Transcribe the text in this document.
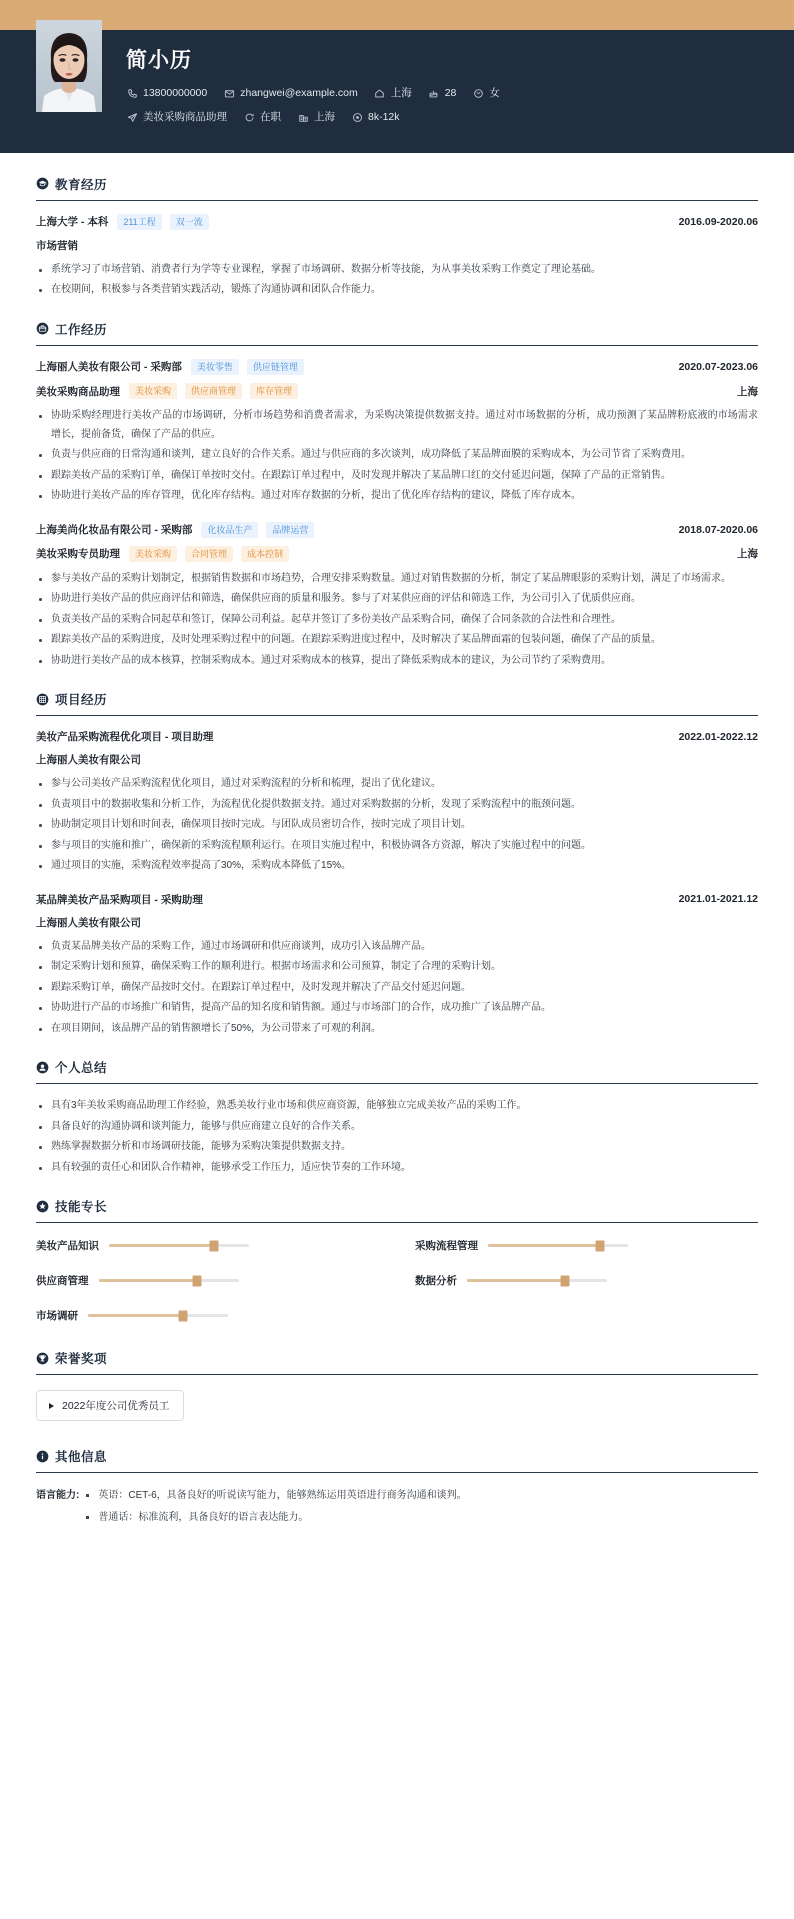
简小历
13800000000	zhangwei@example.com	上海	28	女
美妆采购商品助理	在职	上海	8k-12k
教育经历
上海大学 - 本科	211工程	双一流	2016.09-2020.06
市场营销
系统学习了市场营销、消费者行为学等专业课程，掌握了市场调研、数据分析等技能，为从事美妆采购工作奠定了理论基础。
在校期间，积极参与各类营销实践活动，锻炼了沟通协调和团队合作能力。
工作经历
上海丽人美妆有限公司 - 采购部	美妆零售	供应链管理	2020.07-2023.06
美妆采购商品助理	美妆采购	供应商管理	库存管理	上海
协助采购经理进行美妆产品的市场调研，分析市场趋势和消费者需求，为采购决策提供数据支持。通过对市场数据的分析，成功预测了某品牌粉底液的市场需求增长，提前备货，确保了产品的供应。
负责与供应商的日常沟通和谈判，建立良好的合作关系。通过与供应商的多次谈判，成功降低了某品牌面膜的采购成本，为公司节省了采购费用。
跟踪美妆产品的采购订单，确保订单按时交付。在跟踪订单过程中，及时发现并解决了某品牌口红的交付延迟问题，保障了产品的正常销售。
协助进行美妆产品的库存管理，优化库存结构。通过对库存数据的分析，提出了优化库存结构的建议，降低了库存成本。
上海美尚化妆品有限公司 - 采购部	化妆品生产	品牌运营	2018.07-2020.06
美妆采购专员助理	美妆采购	合同管理	成本控制	上海
参与美妆产品的采购计划制定，根据销售数据和市场趋势，合理安排采购数量。通过对销售数据的分析，制定了某品牌眼影的采购计划，满足了市场需求。
协助进行美妆产品的供应商评估和筛选，确保供应商的质量和服务。参与了对某供应商的评估和筛选工作，为公司引入了优质供应商。
负责美妆产品的采购合同起草和签订，保障公司利益。起草并签订了多份美妆产品采购合同，确保了合同条款的合法性和合理性。
跟踪美妆产品的采购进度，及时处理采购过程中的问题。在跟踪采购进度过程中，及时解决了某品牌面霜的包装问题，确保了产品的质量。
协助进行美妆产品的成本核算，控制采购成本。通过对采购成本的核算，提出了降低采购成本的建议，为公司节约了采购费用。
项目经历
美妆产品采购流程优化项目 - 项目助理	2022.01-2022.12
上海丽人美妆有限公司
参与公司美妆产品采购流程优化项目，通过对采购流程的分析和梳理，提出了优化建议。
负责项目中的数据收集和分析工作，为流程优化提供数据支持。通过对采购数据的分析，发现了采购流程中的瓶颈问题。
协助制定项目计划和时间表，确保项目按时完成。与团队成员密切合作，按时完成了项目计划。
参与项目的实施和推广，确保新的采购流程顺利运行。在项目实施过程中，积极协调各方资源，解决了实施过程中的问题。
通过项目的实施，采购流程效率提高了30%，采购成本降低了15%。
某品牌美妆产品采购项目 - 采购助理	2021.01-2021.12
上海丽人美妆有限公司
负责某品牌美妆产品的采购工作，通过市场调研和供应商谈判，成功引入该品牌产品。
制定采购计划和预算，确保采购工作的顺利进行。根据市场需求和公司预算，制定了合理的采购计划。
跟踪采购订单，确保产品按时交付。在跟踪订单过程中，及时发现并解决了产品交付延迟问题。
协助进行产品的市场推广和销售，提高产品的知名度和销售额。通过与市场部门的合作，成功推广了该品牌产品。
在项目期间，该品牌产品的销售额增长了50%，为公司带来了可观的利润。
个人总结
具有3年美妆采购商品助理工作经验，熟悉美妆行业市场和供应商资源，能够独立完成美妆产品的采购工作。
具备良好的沟通协调和谈判能力，能够与供应商建立良好的合作关系。
熟练掌握数据分析和市场调研技能，能够为采购决策提供数据支持。
具有较强的责任心和团队合作精神，能够承受工作压力，适应快节奏的工作环境。
技能专长
美妆产品知识	采购流程管理
供应商管理	数据分析
市场调研
荣誉奖项
2022年度公司优秀员工
其他信息
语言能力:	英语：CET-6，具备良好的听说读写能力，能够熟练运用英语进行商务沟通和谈判。
普通话：标准流利，具备良好的语言表达能力。
